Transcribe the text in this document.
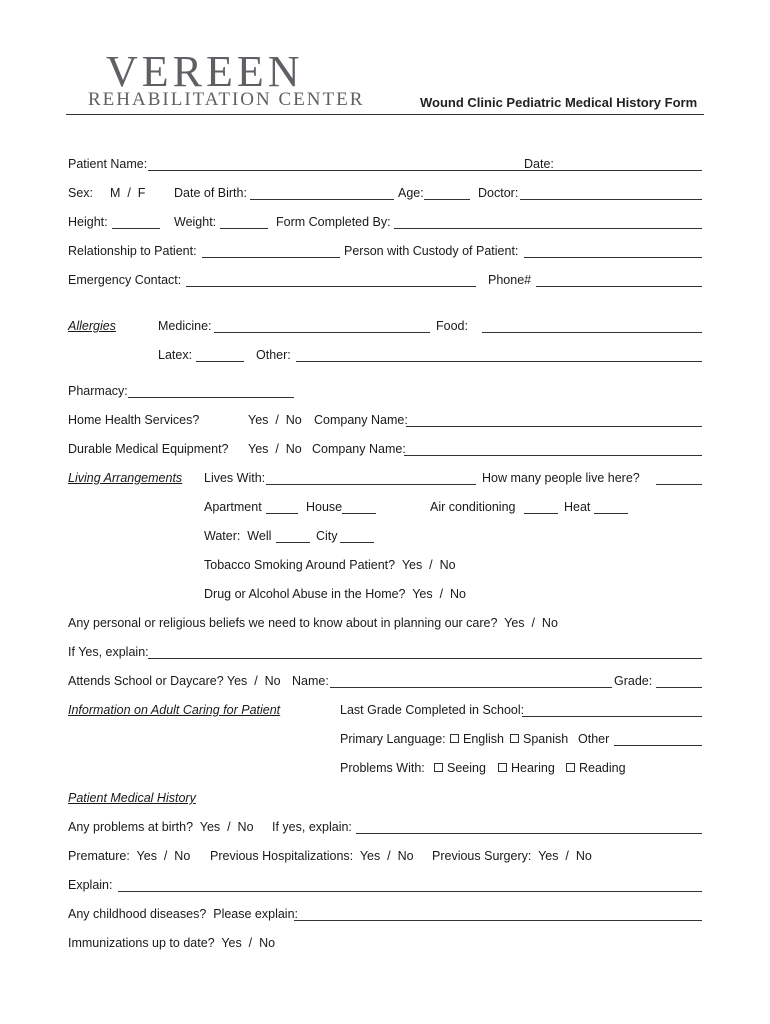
VEREEN
REHABILITATION CENTER	Wound Clinic Pediatric Medical History Form
Patient Name:	Date:
Sex: M  /  F Date of Birth:	Age:	Doctor:
Height:	Weight:	Form Completed By:
Relationship to Patient:	Person with Custody of Patient:
Emergency Contact:	Phone#
Allergies	Medicine:	Food:
Latex:	Other:
Pharmacy:
Home Health Services?	Yes  /  No Company Name:
Durable Medical Equipment? Yes  /  No Company Name:
Living Arrangements Lives With:	How many people live here?
Apartment	House	Air conditioning	Heat
Water:  Well	City
Tobacco Smoking Around Patient?  Yes  /  No
Drug or Alcohol Abuse in the Home?  Yes  /  No
Any personal or religious beliefs we need to know about in planning our care?  Yes  /  No
If Yes, explain:
Attends School or Daycare? Yes  /  No Name:	Grade:
Information on Adult Caring for Patient	Last Grade Completed in School:
Primary Language:	English	Spanish Other
Problems With:	Seeing	Hearing	Reading
Patient Medical History
Any problems at birth?  Yes  /  No If yes, explain:
Premature:  Yes  /  No Previous Hospitalizations:  Yes  /  No Previous Surgery:  Yes  /  No
Explain:
Any childhood diseases?  Please explain:
Immunizations up to date?  Yes  /  No
